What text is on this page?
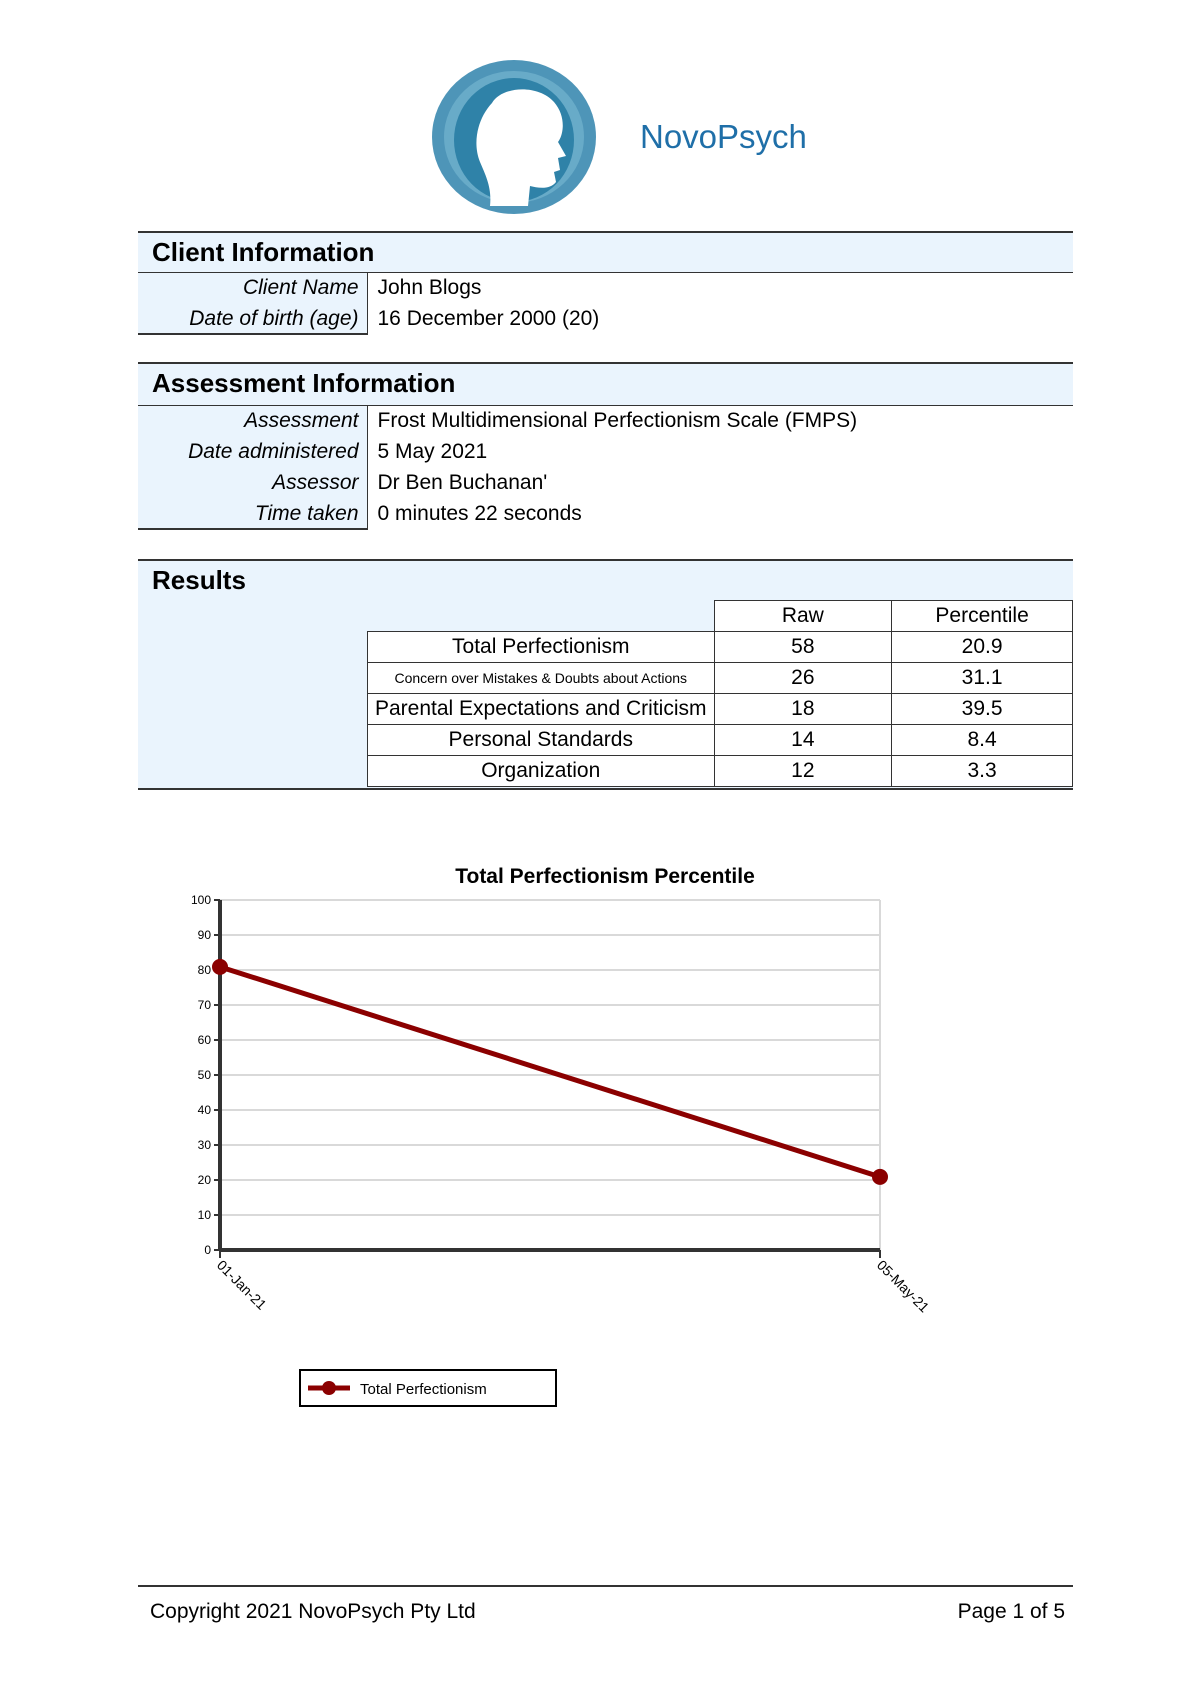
NovoPsych
Client Information
Client Name	John Blogs
Date of birth (age)	16 December 2000 (20)
Assessment Information
Assessment	Frost Multidimensional Perfectionism Scale (FMPS)
Date administered	5 May 2021
Assessor	Dr Ben Buchanan'
Time taken	0 minutes 22 seconds
Results
	Raw	Percentile
Total Perfectionism	58	20.9
Concern over Mistakes & Doubts about Actions	26	31.1
Parental Expectations and Criticism	18	39.5
Personal Standards	14	8.4
Organization	12	3.3
Total Perfectionism Percentile
0
10
20
30
40
50
60
70
80
90
100
01-Jan-21	05-May-21
Total Perfectionism
Copyright 2021 NovoPsych Pty Ltd	Page 1 of 5
